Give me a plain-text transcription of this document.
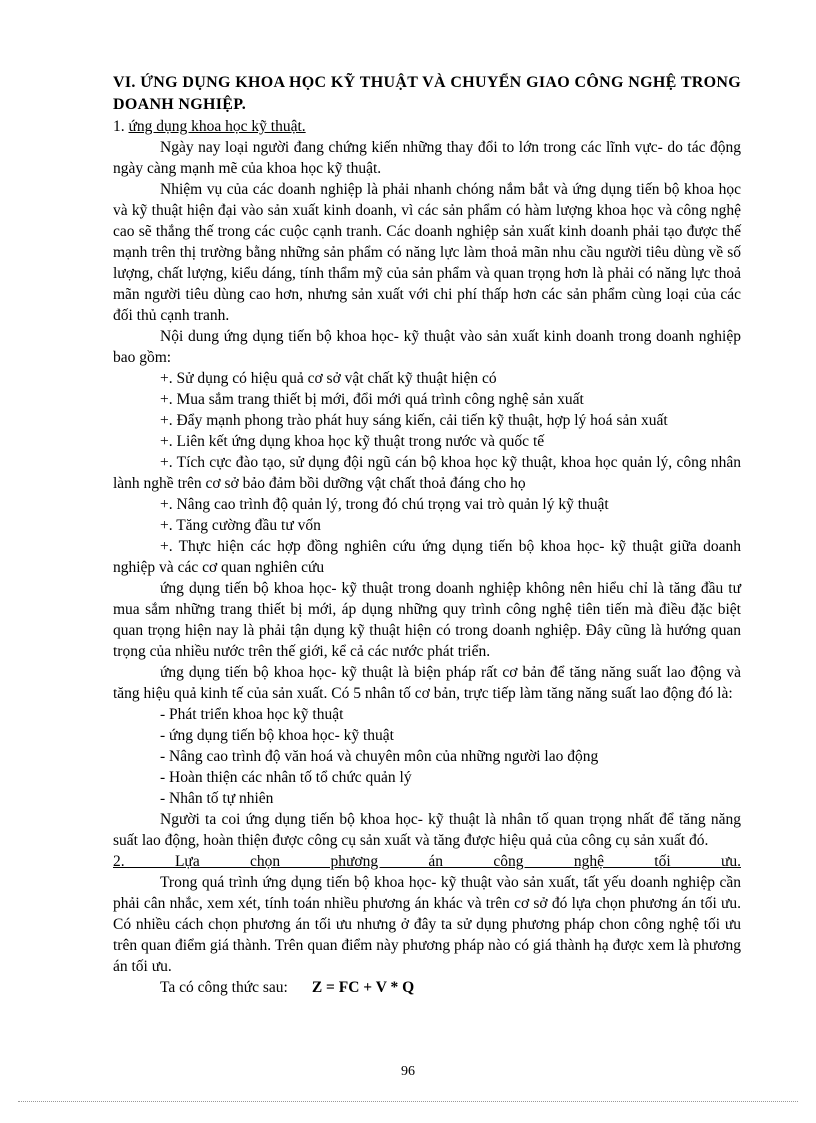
VI. ỨNG DỤNG KHOA HỌC KỸ THUẬT VÀ CHUYỂN GIAO CÔNG NGHỆ TRONG DOANH NGHIỆP.

1. ứng dụng khoa học kỹ thuật.

Ngày nay loại người đang chứng kiến những thay đổi to lớn trong các lĩnh vực- do tác động ngày càng mạnh mẽ của khoa học kỹ thuật.

Nhiệm vụ của các doanh nghiệp là phải nhanh chóng nắm bắt và ứng dụng tiến bộ khoa học và kỹ thuật hiện đại vào sản xuất kinh doanh, vì các sản phẩm có hàm lượng khoa học và công nghệ cao sẽ thắng thế trong các cuộc cạnh tranh. Các doanh nghiệp sản xuất kinh doanh phải tạo được thế mạnh trên thị trường bằng những sản phẩm có năng lực làm thoả mãn nhu cầu người tiêu dùng về số lượng, chất lượng, kiểu dáng, tính thẩm mỹ của sản phẩm và quan trọng hơn là phải có năng lực thoả mãn người tiêu dùng cao hơn, nhưng sản xuất với chi phí thấp hơn các sản phẩm cùng loại của các đối thủ cạnh tranh.

Nội dung ứng dụng tiến bộ khoa học- kỹ thuật vào sản xuất kinh doanh trong doanh nghiệp bao gồm:

+. Sử dụng có hiệu quả cơ sở vật chất kỹ thuật hiện có

+. Mua sắm trang thiết bị mới, đổi mới quá trình công nghệ sản xuất

+. Đẩy mạnh phong trào phát huy sáng kiến, cải tiến kỹ thuật, hợp lý hoá sản xuất

+. Liên kết ứng dụng khoa học kỹ thuật trong nước và quốc tế

+. Tích cực đào tạo, sử dụng đội ngũ cán bộ khoa học kỹ thuật, khoa học quản lý, công nhân lành nghề trên cơ sở bảo đảm bồi dưỡng vật chất thoả đáng cho họ

+. Nâng cao trình độ quản lý, trong đó chú trọng vai trò quản lý kỹ thuật

+. Tăng cường đầu tư vốn

+. Thực hiện các hợp đồng nghiên cứu ứng dụng tiến bộ khoa học- kỹ thuật giữa doanh nghiệp và các cơ quan nghiên cứu

ứng dụng tiến bộ khoa học- kỹ thuật trong doanh nghiệp không nên hiểu chỉ là tăng đầu tư mua sắm những trang thiết bị mới, áp dụng những quy trình công nghệ tiên tiến mà điều đặc biệt quan trọng hiện nay là phải tận dụng kỹ thuật hiện có trong doanh nghiệp. Đây cũng là hướng quan trọng của nhiều nước trên thế giới, kể cả các nước phát triển.

ứng dụng tiến bộ khoa học- kỹ thuật là biện pháp rất cơ bản để tăng năng suất lao động và tăng hiệu quả kinh tế của sản xuất. Có 5 nhân tố cơ bản, trực tiếp làm tăng năng suất lao động đó là:

- Phát triển khoa học kỹ thuật

- ứng dụng tiến bộ khoa học- kỹ thuật

- Nâng cao trình độ văn hoá và chuyên môn của những người lao động

- Hoàn thiện các nhân tố tổ chức quản lý

- Nhân tố tự nhiên

Người ta coi ứng dụng tiến bộ khoa học- kỹ thuật là nhân tố quan trọng nhất để tăng năng suất lao động, hoàn thiện được công cụ sản xuất và tăng được hiệu quả của công cụ sản xuất đó.

2. Lựa chọn phương án công nghệ tối ưu.

Trong quá trình ứng dụng tiến bộ khoa học- kỹ thuật vào sản xuất, tất yếu doanh nghiệp cần phải cân nhắc, xem xét, tính toán nhiều phương án khác và trên cơ sở đó lựa chọn phương án tối ưu. Có nhiều cách chọn phương án tối ưu nhưng ở đây ta sử dụng phương pháp chon công nghệ tối ưu trên quan điểm giá thành. Trên quan điểm này phương pháp nào có giá thành hạ được xem là phương án tối ưu.

Ta có công thức sau: Z = FC + V * Q

96
